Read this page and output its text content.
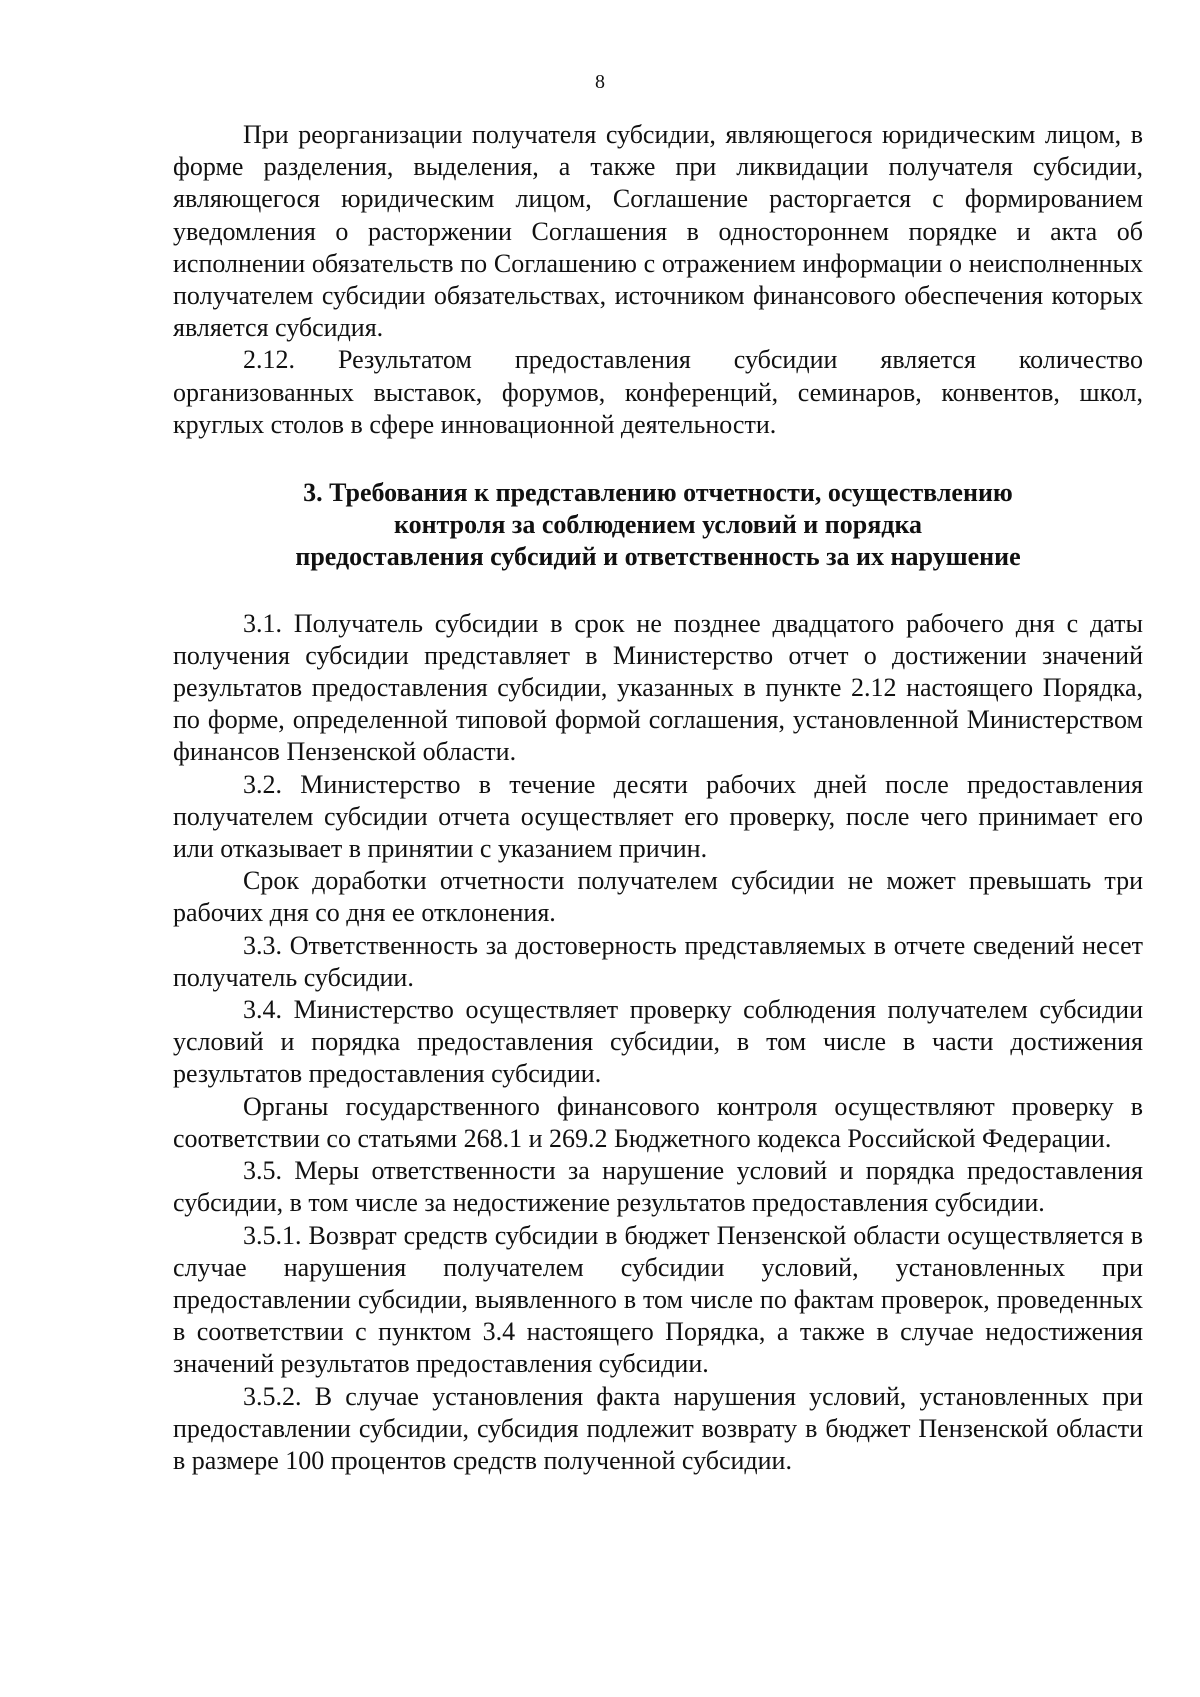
8

При реорганизации получателя субсидии, являющегося юридическим лицом, в форме разделения, выделения, а также при ликвидации получателя субсидии, являющегося юридическим лицом, Соглашение расторгается с формированием уведомления о расторжении Соглашения в одностороннем порядке и акта об исполнении обязательств по Соглашению с отражением информации о неисполненных получателем субсидии обязательствах, источником финансового обеспечения которых является субсидия.

2.12. Результатом предоставления субсидии является количество организованных выставок, форумов, конференций, семинаров, конвентов, школ, круглых столов в сфере инновационной деятельности.

3. Требования к представлению отчетности, осуществлению
контроля за соблюдением условий и порядка
предоставления субсидий и ответственность за их нарушение

3.1. Получатель субсидии в срок не позднее двадцатого рабочего дня с даты получения субсидии представляет в Министерство отчет о достижении значений результатов предоставления субсидии, указанных в пункте 2.12 настоящего Порядка, по форме, определенной типовой формой соглашения, установленной Министерством финансов Пензенской области.

3.2. Министерство в течение десяти рабочих дней после предоставления получателем субсидии отчета осуществляет его проверку, после чего принимает его или отказывает в принятии с указанием причин.

Срок доработки отчетности получателем субсидии не может превышать три рабочих дня со дня ее отклонения.

3.3. Ответственность за достоверность представляемых в отчете сведений несет получатель субсидии.

3.4. Министерство осуществляет проверку соблюдения получателем субсидии условий и порядка предоставления субсидии, в том числе в части достижения результатов предоставления субсидии.

Органы государственного финансового контроля осуществляют проверку в соответствии со статьями 268.1 и 269.2 Бюджетного кодекса Российской Федерации.

3.5. Меры ответственности за нарушение условий и порядка предоставления субсидии, в том числе за недостижение результатов предоставления субсидии.

3.5.1. Возврат средств субсидии в бюджет Пензенской области осуществляется в случае нарушения получателем субсидии условий, установленных при предоставлении субсидии, выявленного в том числе по фактам проверок, проведенных в соответствии с пунктом 3.4 настоящего Порядка, а также в случае недостижения значений результатов предоставления субсидии.

3.5.2. В случае установления факта нарушения условий, установленных при предоставлении субсидии, субсидия подлежит возврату в бюджет Пензенской области в размере 100 процентов средств полученной субсидии.
